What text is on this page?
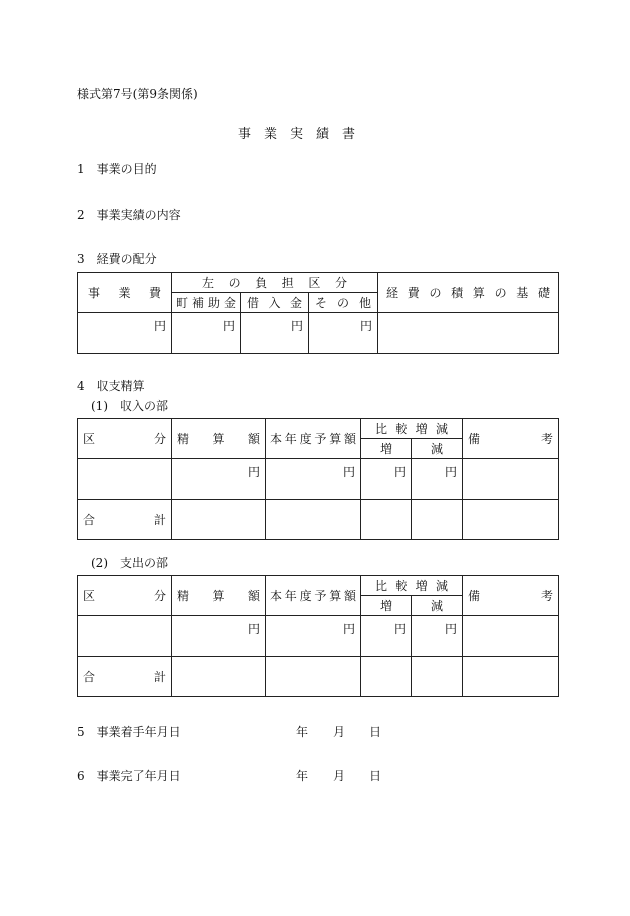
様式第7号(第9条関係)
事　業　実　績　書
1　事業の目的
2　事業実績の内容
3　経費の配分
事業費	左の負担区分			経費の積算の基礎
	町補助金	借入金	その他	
円	円	円	円	
4　収支精算
(1)　収入の部
区分	精算額	本年度予算額	比較増減		備考
			増	減	
	円	円	円	円	
合計					
(2)　支出の部
区分	精算額	本年度予算額	比較増減		備考
			増	減	
	円	円	円	円	
合計					
5　事業着手年月日	年 月 日
6　事業完了年月日	年 月 日
